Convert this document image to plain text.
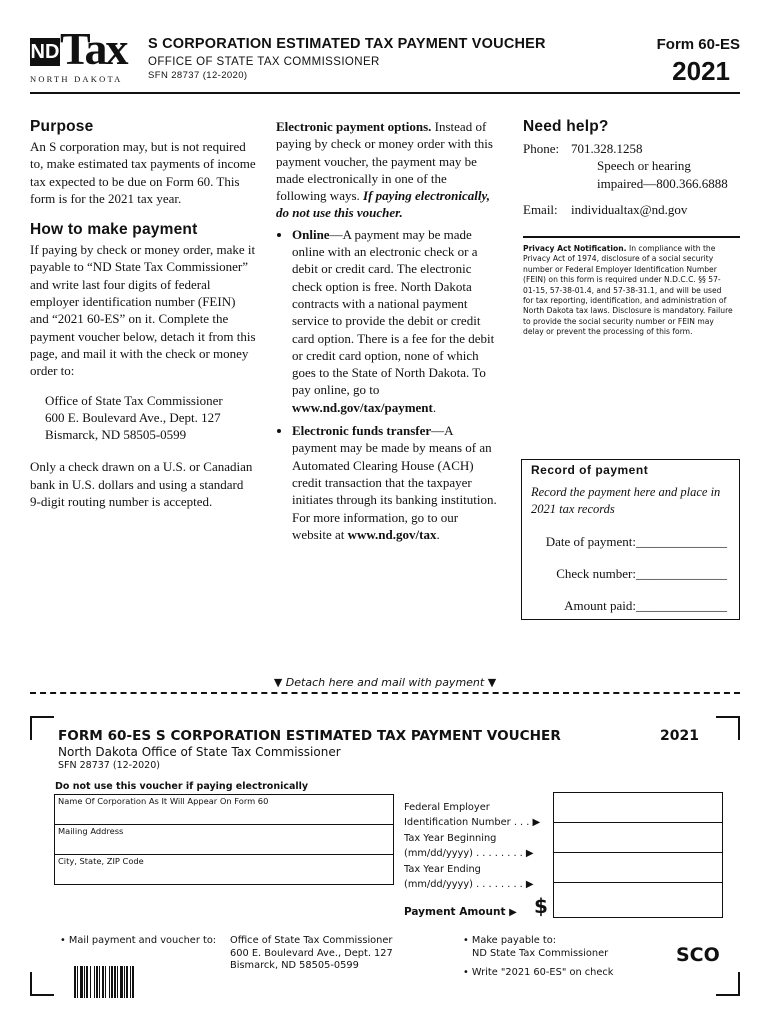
ND Tax
NORTH DAKOTA
S CORPORATION ESTIMATED TAX PAYMENT VOUCHER
OFFICE OF STATE TAX COMMISSIONER
SFN 28737 (12-2020)
Form 60-ES
2021
Purpose

An S corporation may, but is not required to, make estimated tax payments of income tax expected to be due on Form 60. This form is for the 2021 tax year.

How to make payment

If paying by check or money order, make it payable to “ND State Tax Commissioner” and write last four digits of federal employer identification number (FEIN) and “2021 60-ES” on it. Complete the payment voucher below, detach it from this page, and mail it with the check or money order to:

Office of State Tax Commissioner
600 E. Boulevard Ave., Dept. 127
Bismarck, ND 58505-0599

Only a check drawn on a U.S. or Canadian bank in U.S. dollars and using a standard 9-digit routing number is accepted.

Electronic payment options. Instead of paying by check or money order with this payment voucher, the payment may be made electronically in one of the following ways. If paying electronically, do not use this voucher.

• Online—A payment may be made online with an electronic check or a debit or credit card. The electronic check option is free. North Dakota contracts with a national payment service to provide the debit or credit card option. There is a fee for the debit or credit card option, none of which goes to the State of North Dakota. To pay online, go to www.nd.gov/tax/payment.
• Electronic funds transfer—A payment may be made by means of an Automated Clearing House (ACH) credit transaction that the taxpayer initiates through its banking institution. For more information, go to our website at www.nd.gov/tax.
Need help?
Phone: 701.328.1258
Speech or hearing
impaired—800.366.6888
Email:	individualtax@nd.gov
Privacy Act Notification. In compliance with the Privacy Act of 1974, disclosure of a social security number or Federal Employer Identification Number (FEIN) on this form is required under N.D.C.C. §§ 57-01-15, 57-38-01.4, and 57-38-31.1, and will be used for tax reporting, identification, and administration of North Dakota tax laws. Disclosure is mandatory. Failure to provide the social security number or FEIN may delay or prevent the processing of this form.
Record of payment
Record the payment here and place in 2021 tax records
Date of payment:______________
Check number:______________
Amount paid:______________
▼ Detach here and mail with payment ▼
FORM 60-ES S CORPORATION ESTIMATED TAX PAYMENT VOUCHER	2021
North Dakota Office of State Tax Commissioner
SFN 28737 (12-2020)
Do not use this voucher if paying electronically
Name Of Corporation As It Will Appear On Form 60
Mailing Address
City, State, ZIP Code
Federal Employer
Identification Number . . . ▶
Tax Year Beginning
(mm/dd/yyyy) . . . . . . . . ▶
Tax Year Ending
(mm/dd/yyyy) . . . . . . . . ▶
Payment Amount ▶ $
• Mail payment and voucher to: Office of State Tax Commissioner
600 E. Boulevard Ave., Dept. 127
Bismarck, ND 58505-0599
• Make payable to:
ND State Tax Commissioner
• Write "2021 60-ES" on check
SCO
